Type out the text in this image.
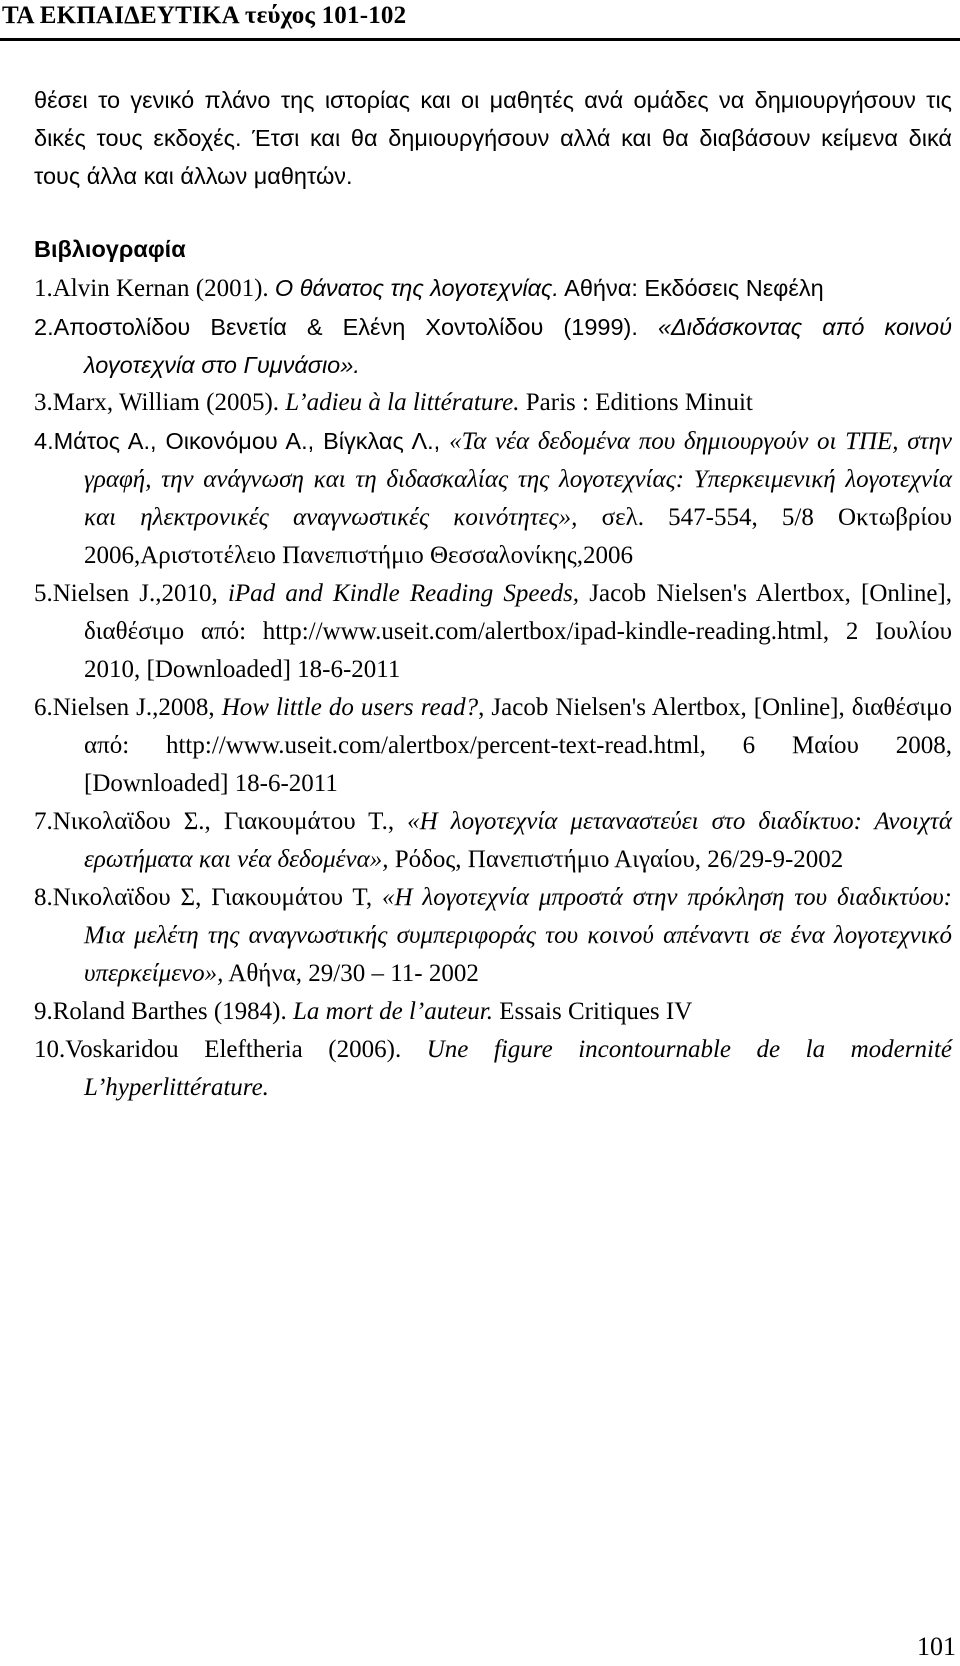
ΤΑ ΕΚΠΑΙΔΕΥΤΙΚΑ τεύχος 101-102

θέσει το γενικό πλάνο της ιστορίας και οι μαθητές ανά ομάδες να δημιουργήσουν τις δικές τους εκδοχές. Έτσι και θα δημιουργήσουν αλλά και θα διαβάσουν κείμενα δικά τους άλλα και άλλων μαθητών.

Βιβλιογραφία

1.Alvin Kernan (2001). Ο θάνατος της λογοτεχνίας. Αθήνα: Εκδόσεις Νεφέλη

2.Αποστολίδου Βενετία & Ελένη Χοντολίδου (1999). «Διδάσκοντας από κοινού λογοτεχνία στο Γυμνάσιο».

3.Marx, William (2005). L’adieu à la littérature. Paris : Editions Minuit

4.Μάτος Α., Οικονόμου Α., Βίγκλας Λ., «Τα νέα δεδομένα που δημιουργούν οι ΤΠΕ, στην γραφή, την ανάγνωση και τη διδασκαλίας της λογοτεχνίας: Υπερκειμενική λογοτεχνία και ηλεκτρονικές αναγνωστικές κοινότητες», σελ. 547-554, 5/8 Οκτωβρίου 2006,Αριστοτέλειο Πανεπιστήμιο Θεσσαλονίκης,2006

5.Nielsen J.,2010, iPad and Kindle Reading Speeds, Jacob Nielsen's Alertbox, [Online], διαθέσιμο από: http://www.useit.com/alertbox/ipad-kindle-reading.html, 2 Ιουλίου 2010, [Downloaded] 18-6-2011

6.Nielsen J.,2008, How little do users read?, Jacob Nielsen's Alertbox, [Online], διαθέσιμο από: http://www.useit.com/alertbox/percent-text-read.html, 6 Μαίου 2008, [Downloaded] 18-6-2011

7.Νικολαϊδου Σ., Γιακουμάτου Τ., «Η λογοτεχνία μεταναστεύει στο διαδίκτυο: Ανοιχτά ερωτήματα και νέα δεδομένα», Ρόδος, Πανεπιστήμιο Αιγαίου, 26/29-9-2002

8.Νικολαϊδου Σ, Γιακουμάτου Τ, «Η λογοτεχνία μπροστά στην πρόκληση του διαδικτύου: Μια μελέτη της αναγνωστικής συμπεριφοράς του κοινού απέναντι σε ένα λογοτεχνικό υπερκείμενο», Αθήνα, 29/30 – 11- 2002

9.Roland Barthes (1984). La mort de l’auteur. Essais Critiques IV

10.Voskaridou Eleftheria (2006). Une figure incontournable de la modernité L’hyperlittérature.

101
